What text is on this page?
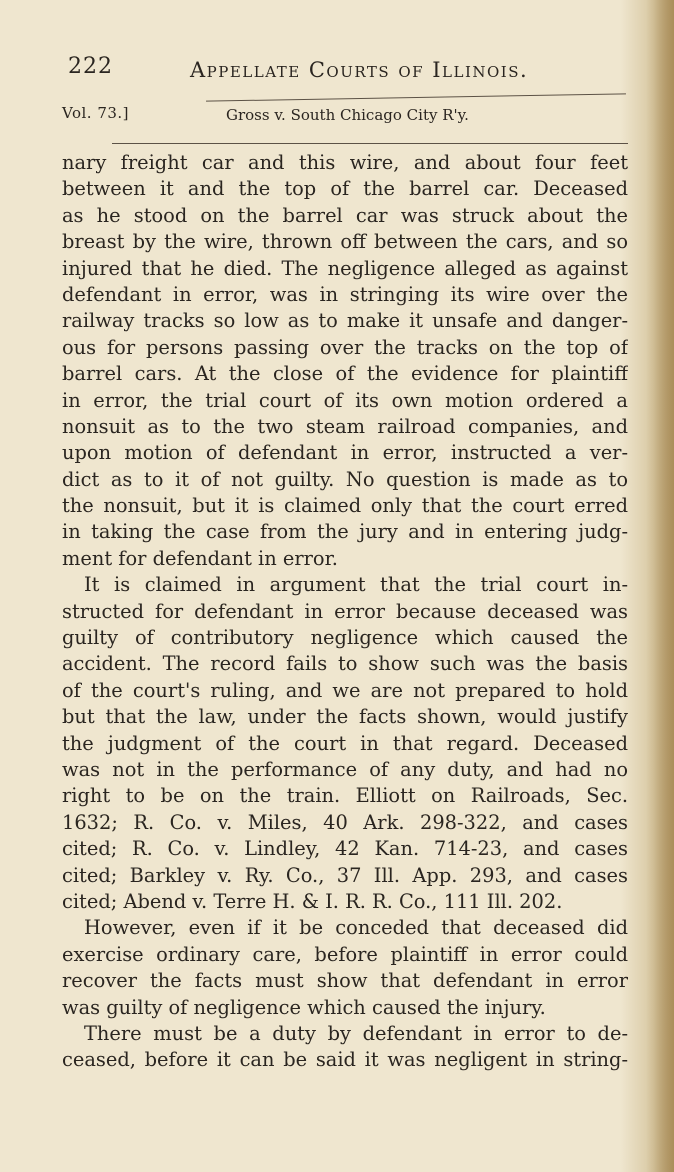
222	Appellate Courts of Illinois.
Vol. 73.]	Gross v. South Chicago City R'y.
nary freight car and this wire, and about four feet
between it and the top of the barrel car. Deceased
as he stood on the barrel car was struck about the
breast by the wire, thrown off between the cars, and so
injured that he died. The negligence alleged as against
defendant in error, was in stringing its wire over the
railway tracks so low as to make it unsafe and danger-
ous for persons passing over the tracks on the top of
barrel cars. At the close of the evidence for plaintiff
in error, the trial court of its own motion ordered a
nonsuit as to the two steam railroad companies, and
upon motion of defendant in error, instructed a ver-
dict as to it of not guilty. No question is made as to
the nonsuit, but it is claimed only that the court erred
in taking the case from the jury and in entering judg-
ment for defendant in error.
It is claimed in argument that the trial court in-
structed for defendant in error because deceased was
guilty of contributory negligence which caused the
accident. The record fails to show such was the basis
of the court's ruling, and we are not prepared to hold
but that the law, under the facts shown, would justify
the judgment of the court in that regard. Deceased
was not in the performance of any duty, and had no
right to be on the train. Elliott on Railroads, Sec.
1632; R. Co. v. Miles, 40 Ark. 298-322, and cases
cited; R. Co. v. Lindley, 42 Kan. 714-23, and cases
cited; Barkley v. Ry. Co., 37 Ill. App. 293, and cases
cited; Abend v. Terre H. & I. R. R. Co., 111 Ill. 202.
However, even if it be conceded that deceased did
exercise ordinary care, before plaintiff in error could
recover the facts must show that defendant in error
was guilty of negligence which caused the injury.
There must be a duty by defendant in error to de-
ceased, before it can be said it was negligent in string-
